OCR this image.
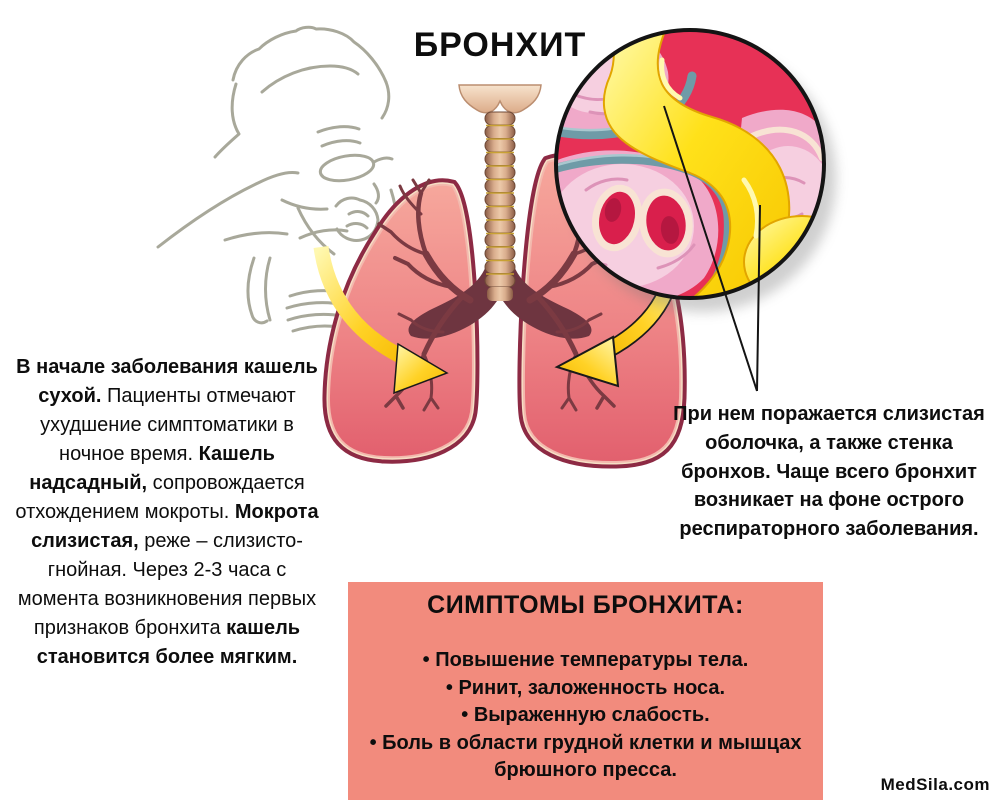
БРОНХИТ
В начале заболевания кашель сухой. Пациенты отмечают ухудшение симптоматики в ночное время. Кашель надсадный, сопровождается отхождением мокроты. Мокрота слизистая, реже – слизисто-гнойная. Через 2-3 часа с момента возникновения первых признаков бронхита кашель становится более мягким.
При нем поражается слизистая оболочка, а также стенка бронхов. Чаще всего бронхит возникает на фоне острого респираторного заболевания.
СИМПТОМЫ БРОНХИТА:
• Повышение температуры тела.
• Ринит, заложенность носа.
• Выраженную слабость.
• Боль в области грудной клетки и мышцах брюшного пресса.
MedSila.com
